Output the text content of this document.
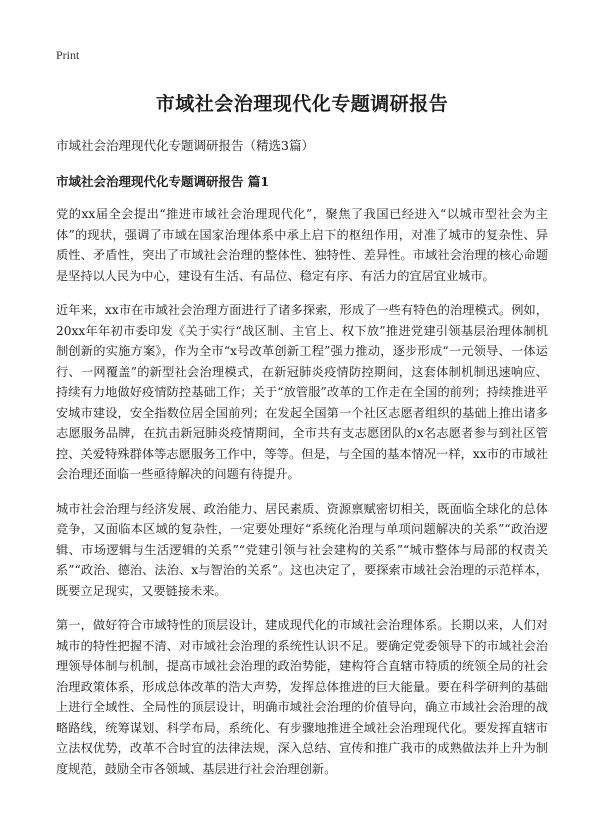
Print
市域社会治理现代化专题调研报告

市域社会治理现代化专题调研报告（精选3篇）

市域社会治理现代化专题调研报告 篇1

党的xx届全会提出“推进市域社会治理现代化”，聚焦了我国已经进入“以城市型社会为主体”的现状，强调了市域在国家治理体系中承上启下的枢纽作用，对准了城市的复杂性、异质性、矛盾性，突出了市域社会治理的整体性、独特性、差异性。市域社会治理的核心命题是坚持以人民为中心，建设有生活、有品位、稳定有序、有活力的宜居宜业城市。

近年来，xx市在市域社会治理方面进行了诸多探索，形成了一些有特色的治理模式。例如，20xx年年初市委印发《关于实行“战区制、主官上、权下放”推进党建引领基层治理体制机制创新的实施方案》，作为全市“x号改革创新工程”强力推动，逐步形成“一元领导、一体运行、一网覆盖”的新型社会治理模式，在新冠肺炎疫情防控期间，这套体制机制迅速响应、持续有力地做好疫情防控基础工作；关于“放管服”改革的工作走在全国的前列；持续推进平安城市建设，安全指数位居全国前列；在发起全国第一个社区志愿者组织的基础上推出诸多志愿服务品牌，在抗击新冠肺炎疫情期间，全市共有支志愿团队的x名志愿者参与到社区管控、关爱特殊群体等志愿服务工作中，等等。但是，与全国的基本情况一样，xx市的市域社会治理还面临一些亟待解决的问题有待提升。

城市社会治理与经济发展、政治能力、居民素质、资源禀赋密切相关，既面临全球化的总体竞争，又面临本区域的复杂性，一定要处理好“系统化治理与单项问题解决的关系”“政治逻辑、市场逻辑与生活逻辑的关系”“党建引领与社会建构的关系”“城市整体与局部的权责关系”“政治、德治、法治、x与智治的关系”。这也决定了，要探索市域社会治理的示范样本，既要立足现实，又要链接未来。

第一，做好符合市域特性的顶层设计，建成现代化的市域社会治理体系。长期以来，人们对城市的特性把握不清、对市域社会治理的系统性认识不足。要确定党委领导下的市域社会治理领导体制与机制，提高市域社会治理的政治势能，建构符合直辖市特质的统领全局的社会治理政策体系，形成总体改革的浩大声势，发挥总体推进的巨大能量。要在科学研判的基础上进行全域性、全局性的顶层设计，明确市域社会治理的价值导向，确立市域社会治理的战略路线，统筹谋划、科学布局，系统化、有步骤地推进全域社会治理现代化。要发挥直辖市立法权优势，改革不合时宜的法律法规，深入总结、宣传和推广我市的成熟做法并上升为制度规范，鼓励全市各领域、基层进行社会治理创新。
